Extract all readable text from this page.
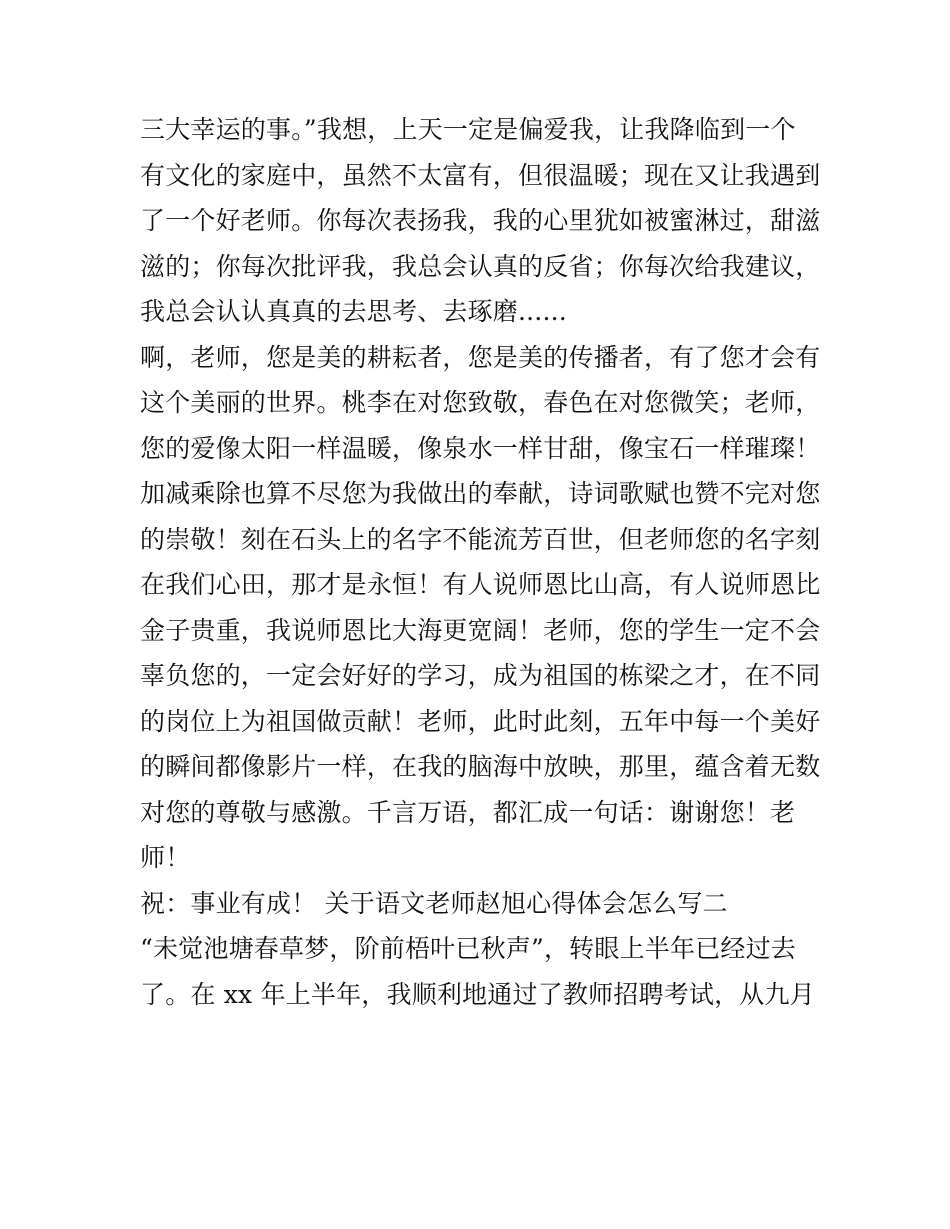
三大幸运的事。”我想，上天一定是偏爱我，让我降临到一个
有文化的家庭中，虽然不太富有，但很温暖；现在又让我遇到
了一个好老师。你每次表扬我，我的心里犹如被蜜淋过，甜滋
滋的；你每次批评我，我总会认真的反省；你每次给我建议，
我总会认认真真的去思考、去琢磨......
啊，老师，您是美的耕耘者，您是美的传播者，有了您才会有
这个美丽的世界。桃李在对您致敬，春色在对您微笑；老师，
您的爱像太阳一样温暖，像泉水一样甘甜，像宝石一样璀璨！
加减乘除也算不尽您为我做出的奉献，诗词歌赋也赞不完对您
的崇敬！刻在石头上的名字不能流芳百世，但老师您的名字刻
在我们心田，那才是永恒！有人说师恩比山高，有人说师恩比
金子贵重，我说师恩比大海更宽阔！老师，您的学生一定不会
辜负您的，一定会好好的学习，成为祖国的栋梁之才，在不同
的岗位上为祖国做贡献！老师，此时此刻，五年中每一个美好
的瞬间都像影片一样，在我的脑海中放映，那里，蕴含着无数
对您的尊敬与感激。千言万语，都汇成一句话：谢谢您！老
师！
祝：事业有成！ 关于语文老师赵旭心得体会怎么写二
“未觉池塘春草梦，阶前梧叶已秋声”，转眼上半年已经过去
了。在 xx 年上半年，我顺利地通过了教师招聘考试，从九月
